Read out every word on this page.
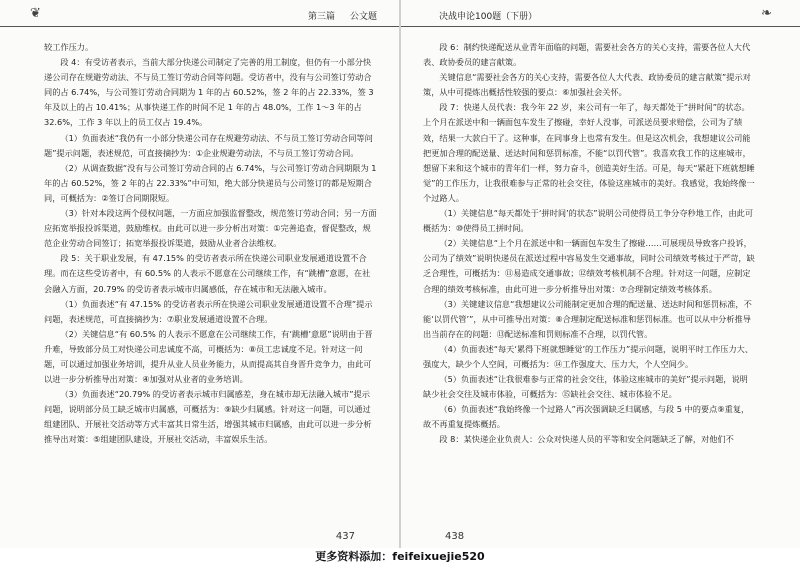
❦	第三篇 公文题

较工作压力。

段 4：有受访者表示，当前大部分快递公司制定了完善的用工制度，但仍有一小部分快递公司存在规避劳动法、不与员工签订劳动合同等问题。受访者中，没有与公司签订劳动合同的占 6.74%，与公司签订劳动合同期为 1 年的占 60.52%，签 2 年的占 22.33%，签 3 年及以上的占 10.41%；从事快递工作的时间不足 1 年的占 48.0%，工作 1～3 年的占 32.6%，工作 3 年以上的员工仅占 19.4%。

（1）负面表述“我仍有一小部分快递公司存在规避劳动法、不与员工签订劳动合同等问题”提示问题，表述规范，可直接摘抄为：①企业规避劳动法，不与员工签订劳动合同。

（2）从调查数据“没有与公司签订劳动合同的占 6.74%，与公司签订劳动合同期限为 1 年的占 60.52%，签 2 年的占 22.33%”中可知，绝大部分快递员与公司签订的都是短期合同，可概括为：②签订合同期限短。

（3）针对本段这两个侵权问题，一方面应加强监督整改，规范签订劳动合同；另一方面应拓宽举报投诉渠道，鼓励维权。由此可以进一步分析出对策：①完善追查，督促整改，规范企业劳动合同签订；拓宽举报投诉渠道，鼓励从业者合法维权。

段 5：关于职业发展，有 47.15% 的受访者表示所在快递公司职业发展通道设置不合理。而在这些受访者中，有 60.5% 的人表示不愿意在公司继续工作，有“跳槽”意愿，在社会融入方面，20.79% 的受访者表示城市归属感低，存在城市和无法融入城市。

（1）负面表述“有 47.15% 的受访者表示所在快递公司职业发展通道设置不合理”提示问题，表述规范，可直接摘抄为：⑦职业发展通道设置不合理。

（2）关键信息“有 60.5% 的人表示不愿意在公司继续工作，有‘跳槽’意愿”说明由于晋升难，导致部分员工对快递公司忠诚度不高，可概括为：⑧员工忠诚度不足。针对这一问题，可以通过加强业务培训，提升从业人员业务能力，从而提高其自身晋升竞争力，由此可以进一步分析推导出对策：④加强对从业者的业务培训。

（3）负面表述“20.79% 的受访者表示城市归属感差，身在城市却无法融入城市”提示问题，说明部分员工缺乏城市归属感，可概括为：⑨缺少归属感。针对这一问题，可以通过组建团队、开展社交活动等方式丰富其日常生活，增强其城市归属感，由此可以进一步分析推导出对策：⑤组建团队建设，开展社交活动，丰富娱乐生活。

437
决战申论100题（下册）	❧

段 6：制约快递配送从业青年面临的问题，需要社会各方的关心支持，需要各位人大代表、政协委员的建言献策。

关键信息“需要社会各方的关心支持，需要各位人大代表、政协委员的建言献策”提示对策，从中可提炼出概括性较强的要点：⑥加强社会关怀。

段 7：快递人员代表：我今年 22 岁，来公司有一年了，每天都处于“拼时间”的状态。上个月在派送中和一辆面包车发生了擦碰，幸好人没事，可派送员要求赔偿，公司为了绩效，结果一大款白干了。这种事，在同事身上也常有发生。但是这次机会，我想建议公司能把更加合理的配送量、送达时间和惩罚标准，不能“以罚代管”。我喜欢我工作的这座城市，想留下来和这个城市的青年们一样，努力奋斗，创造美好生活。可是，每天“紧赶下班就想睡觉”的工作压力，让我很难参与正常的社会交往，体验这座城市的美好。我感觉，我始终像一个过路人。

（1）关键信息“每天都处于‘拼时间’的状态”说明公司使得员工争分夺秒地工作，由此可概括为：⑩使得员工拼时间。

（2）关键信息“上个月在派送中和一辆面包车发生了擦碰……可展现员导致客户投诉，公司为了绩效”说明快递员在派送过程中容易发生交通事故，同时公司绩效考核过于严苛，缺乏合理性，可概括为：⑪易造成交通事故；⑫绩效考核机制不合理。针对这一问题，应制定合理的绩效考核标准，由此可进一步分析推导出对策：⑦合理制定绩效考核体系。

（3）关键建议信息“我想建议公司能制定更加合理的配送量、送达时间和惩罚标准，不能‘以罚代管’”，从中可推导出对策：⑧合理制定配送标准和惩罚标准。也可以从中分析推导出当前存在的问题：⑬配送标准和罚则标准不合理，以罚代管。

（4）负面表述“每天‘累得下班就想睡觉’的工作压力”提示问题，说明平时工作压力大、强度大，缺少个人空间，可概括为：⑭工作强度大、压力大，个人空间少。

（5）负面表述“让我很难参与正常的社会交往，体验这座城市的美好”提示问题，说明缺少社会交往及城市体验，可概括为：⑮缺社会交往、城市体验不足。

（6）负面表述“我始终像一个过路人”再次强调缺乏归属感，与段 5 中的要点⑨重复，故不再重复提炼概括。

段 8：某快递企业负责人：公众对快递人员的平等和安全问题缺乏了解，对他们不

438
更多资料添加：feifeixuejie520
